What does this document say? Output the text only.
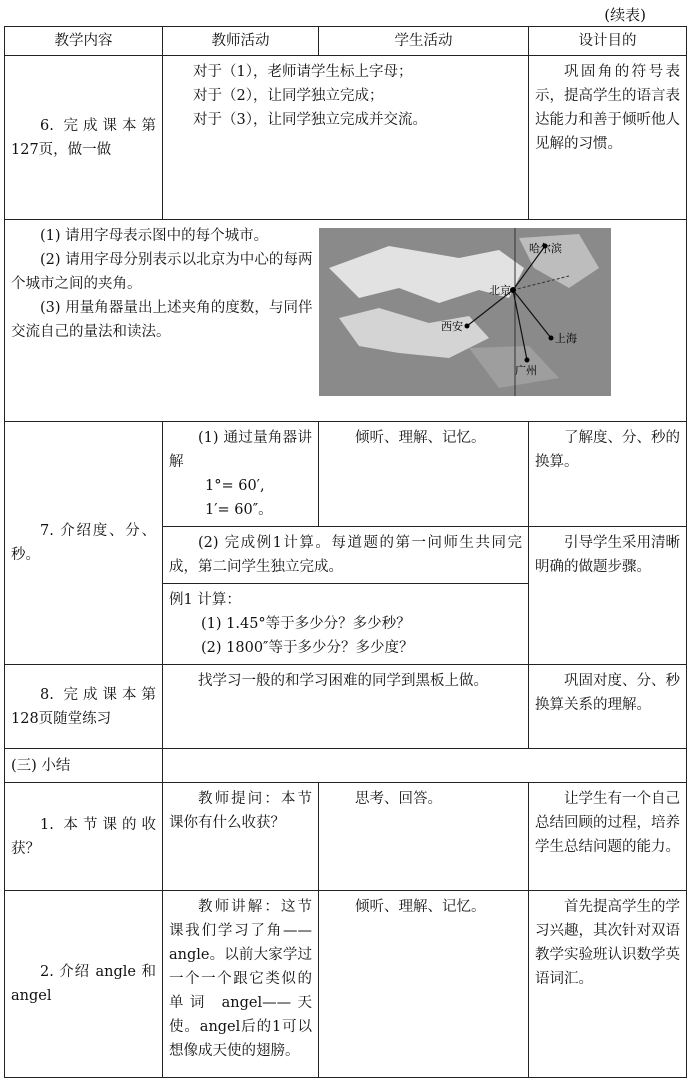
(续表)
教学内容	教师活动	学生活动	设计目的
6. 完成课本第127页，做一做	对于（1），老师请学生标上字母；
对于（2），让同学独立完成；
对于（3），让同学独立完成并交流。		巩固角的符号表示，提高学生的语言表达能力和善于倾听他人见解的习惯。

(1) 请用字母表示图中的每个城市。
(2) 请用字母分别表示以北京为中心的每两个城市之间的夹角。
(3) 用量角器量出上述夹角的度数，与同伴交流自己的量法和读法。		哈尔滨
北京
西安
上海
广州	

7. 介绍度、分、秒。	(1) 通过量角器讲解
1°= 60′,
1′= 60″。	倾听、理解、记忆。	了解度、分、秒的换算。
	(2) 完成例1计算。每道题的第一问师生共同完成，第二问学生独立完成。		引导学生采用清晰明确的做题步骤。

	例1 计算：
(1) 1.45°等于多少分？多少秒？
(2) 1800″等于多少分？多少度？		

8. 完成课本第128页随堂练习	找学习一般的和学习困难的同学到黑板上做。		巩固对度、分、秒换算关系的理解。
(三) 小结			
1. 本节课的收获？	教师提问：本节课你有什么收获？	思考、回答。	让学生有一个自己总结回顾的过程，培养学生总结问题的能力。
2. 介绍 angle 和 angel	教师讲解：这节课我们学习了角——angle。以前大家学过一个一个跟它类似的单词 angel——天使。angel后的1可以想像成天使的翅膀。	倾听、理解、记忆。	首先提高学生的学习兴趣，其次针对双语教学实验班认识数学英语词汇。
